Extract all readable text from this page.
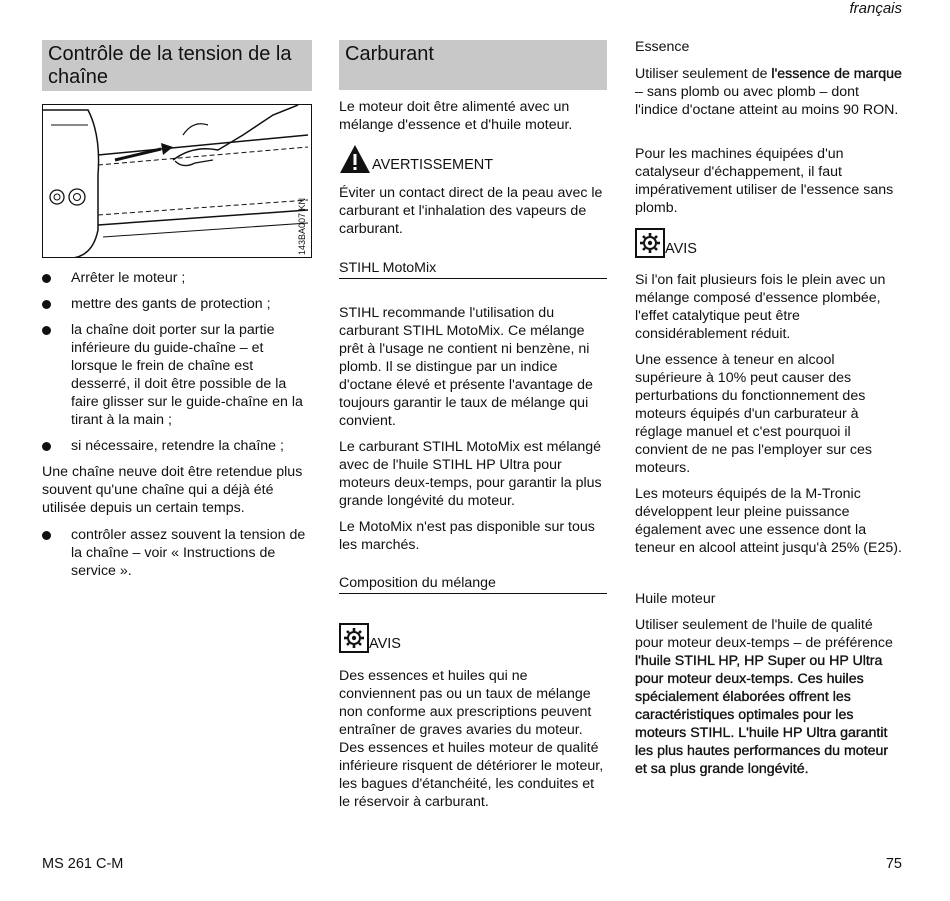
français
Contrôle de la tension de la chaîne
143BA007 KN
Arrêter le moteur ;
mettre des gants de protection ;
la chaîne doit porter sur la partie inférieure du guide-chaîne – et lorsque le frein de chaîne est desserré, il doit être possible de la faire glisser sur le guide-chaîne en la tirant à la main ;
si nécessaire, retendre la chaîne ;

Une chaîne neuve doit être retendue plus souvent qu'une chaîne qui a déjà été utilisée depuis un certain temps.

contrôler assez souvent la tension de la chaîne – voir « Instructions de service ».
Carburant

Le moteur doit être alimenté avec un mélange d'essence et d'huile moteur.

AVERTISSEMENT

Éviter un contact direct de la peau avec le carburant et l'inhalation des vapeurs de carburant.

STIHL MotoMix

STIHL recommande l'utilisation du carburant STIHL MotoMix. Ce mélange prêt à l'usage ne contient ni benzène, ni plomb. Il se distingue par un indice d'octane élevé et présente l'avantage de toujours garantir le taux de mélange qui convient.

Le carburant STIHL MotoMix est mélangé avec de l'huile STIHL HP Ultra pour moteurs deux-temps, pour garantir la plus grande longévité du moteur.

Le MotoMix n'est pas disponible sur tous les marchés.

Composition du mélange
AVIS

Des essences et huiles qui ne conviennent pas ou un taux de mélange non conforme aux prescriptions peuvent entraîner de graves avaries du moteur. Des essences et huiles moteur de qualité inférieure risquent de détériorer le moteur, les bagues d'étanchéité, les conduites et le réservoir à carburant.

Essence

Utiliser seulement de l'essence de marque – sans plomb ou avec plomb – dont l'indice d'octane atteint au moins 90 RON.

Pour les machines équipées d'un catalyseur d'échappement, il faut impérativement utiliser de l'essence sans plomb.

AVIS

Si l'on fait plusieurs fois le plein avec un mélange composé d'essence plombée, l'effet catalytique peut être considérablement réduit.

Une essence à teneur en alcool supérieure à 10% peut causer des perturbations du fonctionnement des moteurs équipés d'un carburateur à réglage manuel et c'est pourquoi il convient de ne pas l'employer sur ces moteurs.

Les moteurs équipés de la M-Tronic développent leur pleine puissance également avec une essence dont la teneur en alcool atteint jusqu'à 25% (E25).

Huile moteur

Utiliser seulement de l'huile de qualité pour moteur deux-temps – de préférence l'huile STIHL HP, HP Super ou HP Ultra pour moteur deux-temps. Ces huiles spécialement élaborées offrent les caractéristiques optimales pour les moteurs STIHL. L'huile HP Ultra garantit les plus hautes performances du moteur et sa plus grande longévité.

MS 261 C-M	75
